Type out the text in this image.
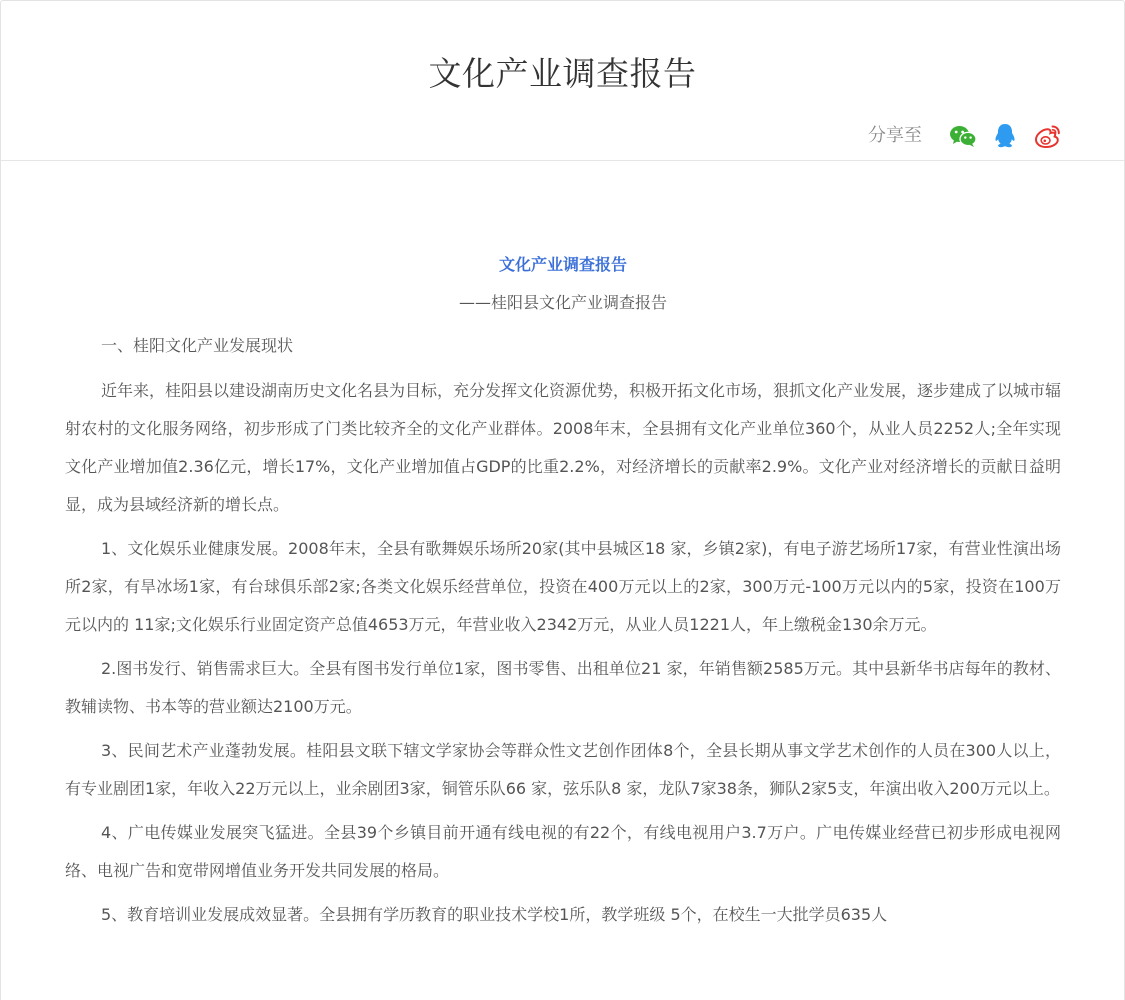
文化产业调查报告
分享至
文化产业调查报告
——桂阳县文化产业调查报告

一、桂阳文化产业发展现状

近年来，桂阳县以建设湖南历史文化名县为目标，充分发挥文化资源优势，积极开拓文化市场，狠抓文化产业发展，逐步建成了以城市辐射农村的文化服务网络，初步形成了门类比较齐全的文化产业群体。2008年末，全县拥有文化产业单位360个，从业人员2252人;全年实现文化产业增加值2.36亿元，增长17%，文化产业增加值占GDP的比重2.2%，对经济增长的贡献率2.9%。文化产业对经济增长的贡献日益明显，成为县域经济新的增长点。

1、文化娱乐业健康发展。2008年末，全县有歌舞娱乐场所20家(其中县城区18 家，乡镇2家)，有电子游艺场所17家，有营业性演出场所2家，有旱冰场1家，有台球俱乐部2家;各类文化娱乐经营单位，投资在400万元以上的2家，300万元-100万元以内的5家，投资在100万元以内的 11家;文化娱乐行业固定资产总值4653万元，年营业收入2342万元，从业人员1221人，年上缴税金130余万元。

2.图书发行、销售需求巨大。全县有图书发行单位1家，图书零售、出租单位21 家，年销售额2585万元。其中县新华书店每年的教材、教辅读物、书本等的营业额达2100万元。

3、民间艺术产业蓬勃发展。桂阳县文联下辖文学家协会等群众性文艺创作团体8个，全县长期从事文学艺术创作的人员在300人以上，有专业剧团1家，年收入22万元以上，业余剧团3家，铜管乐队66 家，弦乐队8 家，龙队7家38条，狮队2家5支，年演出收入200万元以上。

4、广电传媒业发展突飞猛进。全县39个乡镇目前开通有线电视的有22个，有线电视用户3.7万户。广电传媒业经营已初步形成电视网络、电视广告和宽带网增值业务开发共同发展的格局。

5、教育培训业发展成效显著。全县拥有学历教育的职业技术学校1所，教学班级 5个，在校生一大批学员635人
